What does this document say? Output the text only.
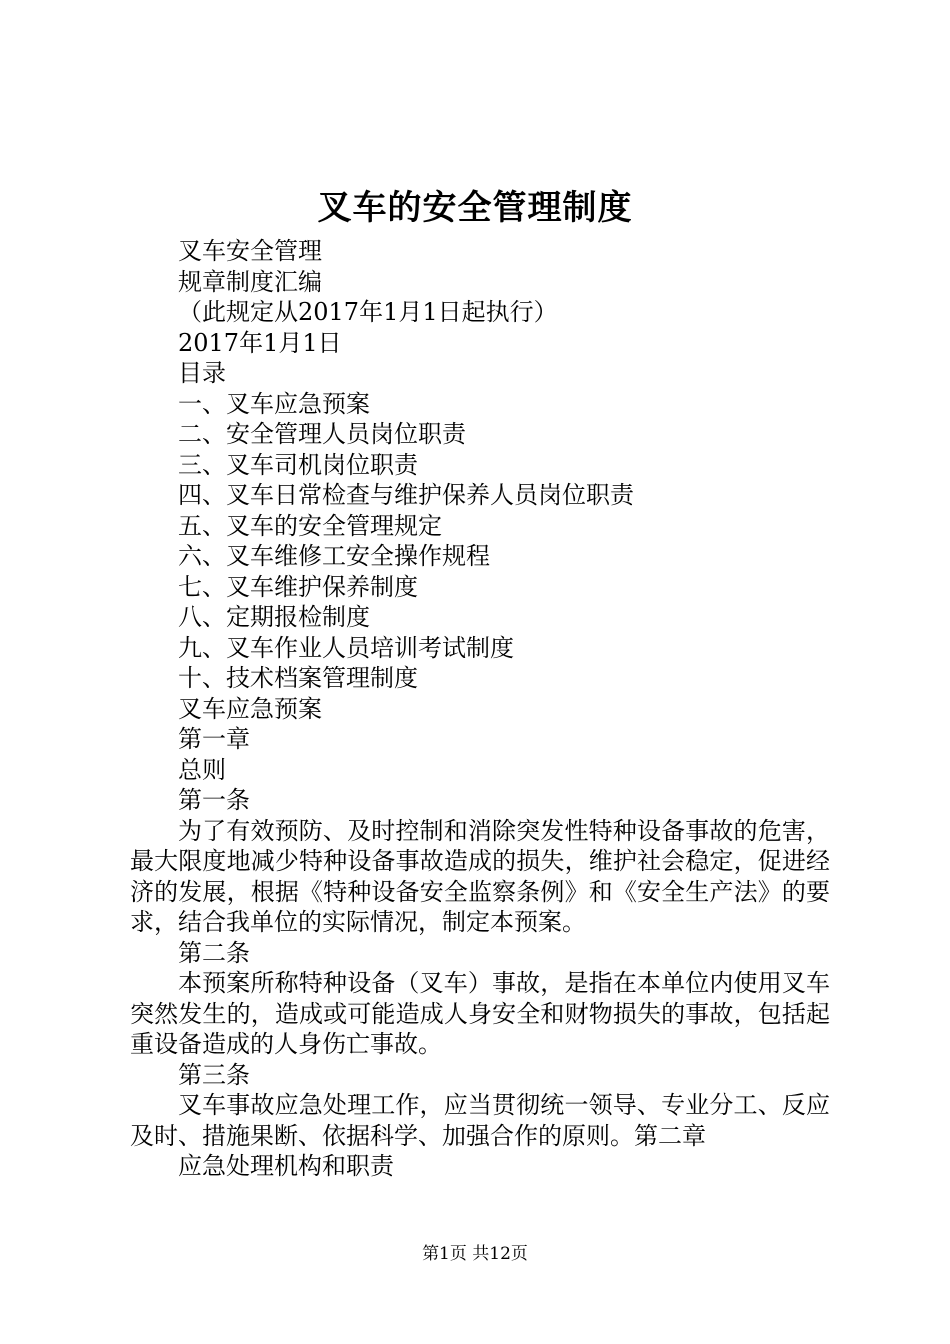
叉车的安全管理制度
叉车安全管理
规章制度汇编
（此规定从2017年1月1日起执行）
2017年1月1日
目录
一、叉车应急预案
二、安全管理人员岗位职责
三、叉车司机岗位职责
四、叉车日常检查与维护保养人员岗位职责
五、叉车的安全管理规定
六、叉车维修工安全操作规程
七、叉车维护保养制度
八、定期报检制度
九、叉车作业人员培训考试制度
十、技术档案管理制度
叉车应急预案
第一章
总则
第一条
为了有效预防、及时控制和消除突发性特种设备事故的危害，最大限度地减少特种设备事故造成的损失，维护社会稳定，促进经济的发展，根据《特种设备安全监察条例》和《安全生产法》的要求，结合我单位的实际情况，制定本预案。
第二条
本预案所称特种设备（叉车）事故，是指在本单位内使用叉车突然发生的，造成或可能造成人身安全和财物损失的事故，包括起重设备造成的人身伤亡事故。
第三条
叉车事故应急处理工作，应当贯彻统一领导、专业分工、反应及时、措施果断、依据科学、加强合作的原则。第二章
应急处理机构和职责
第1页 共12页
